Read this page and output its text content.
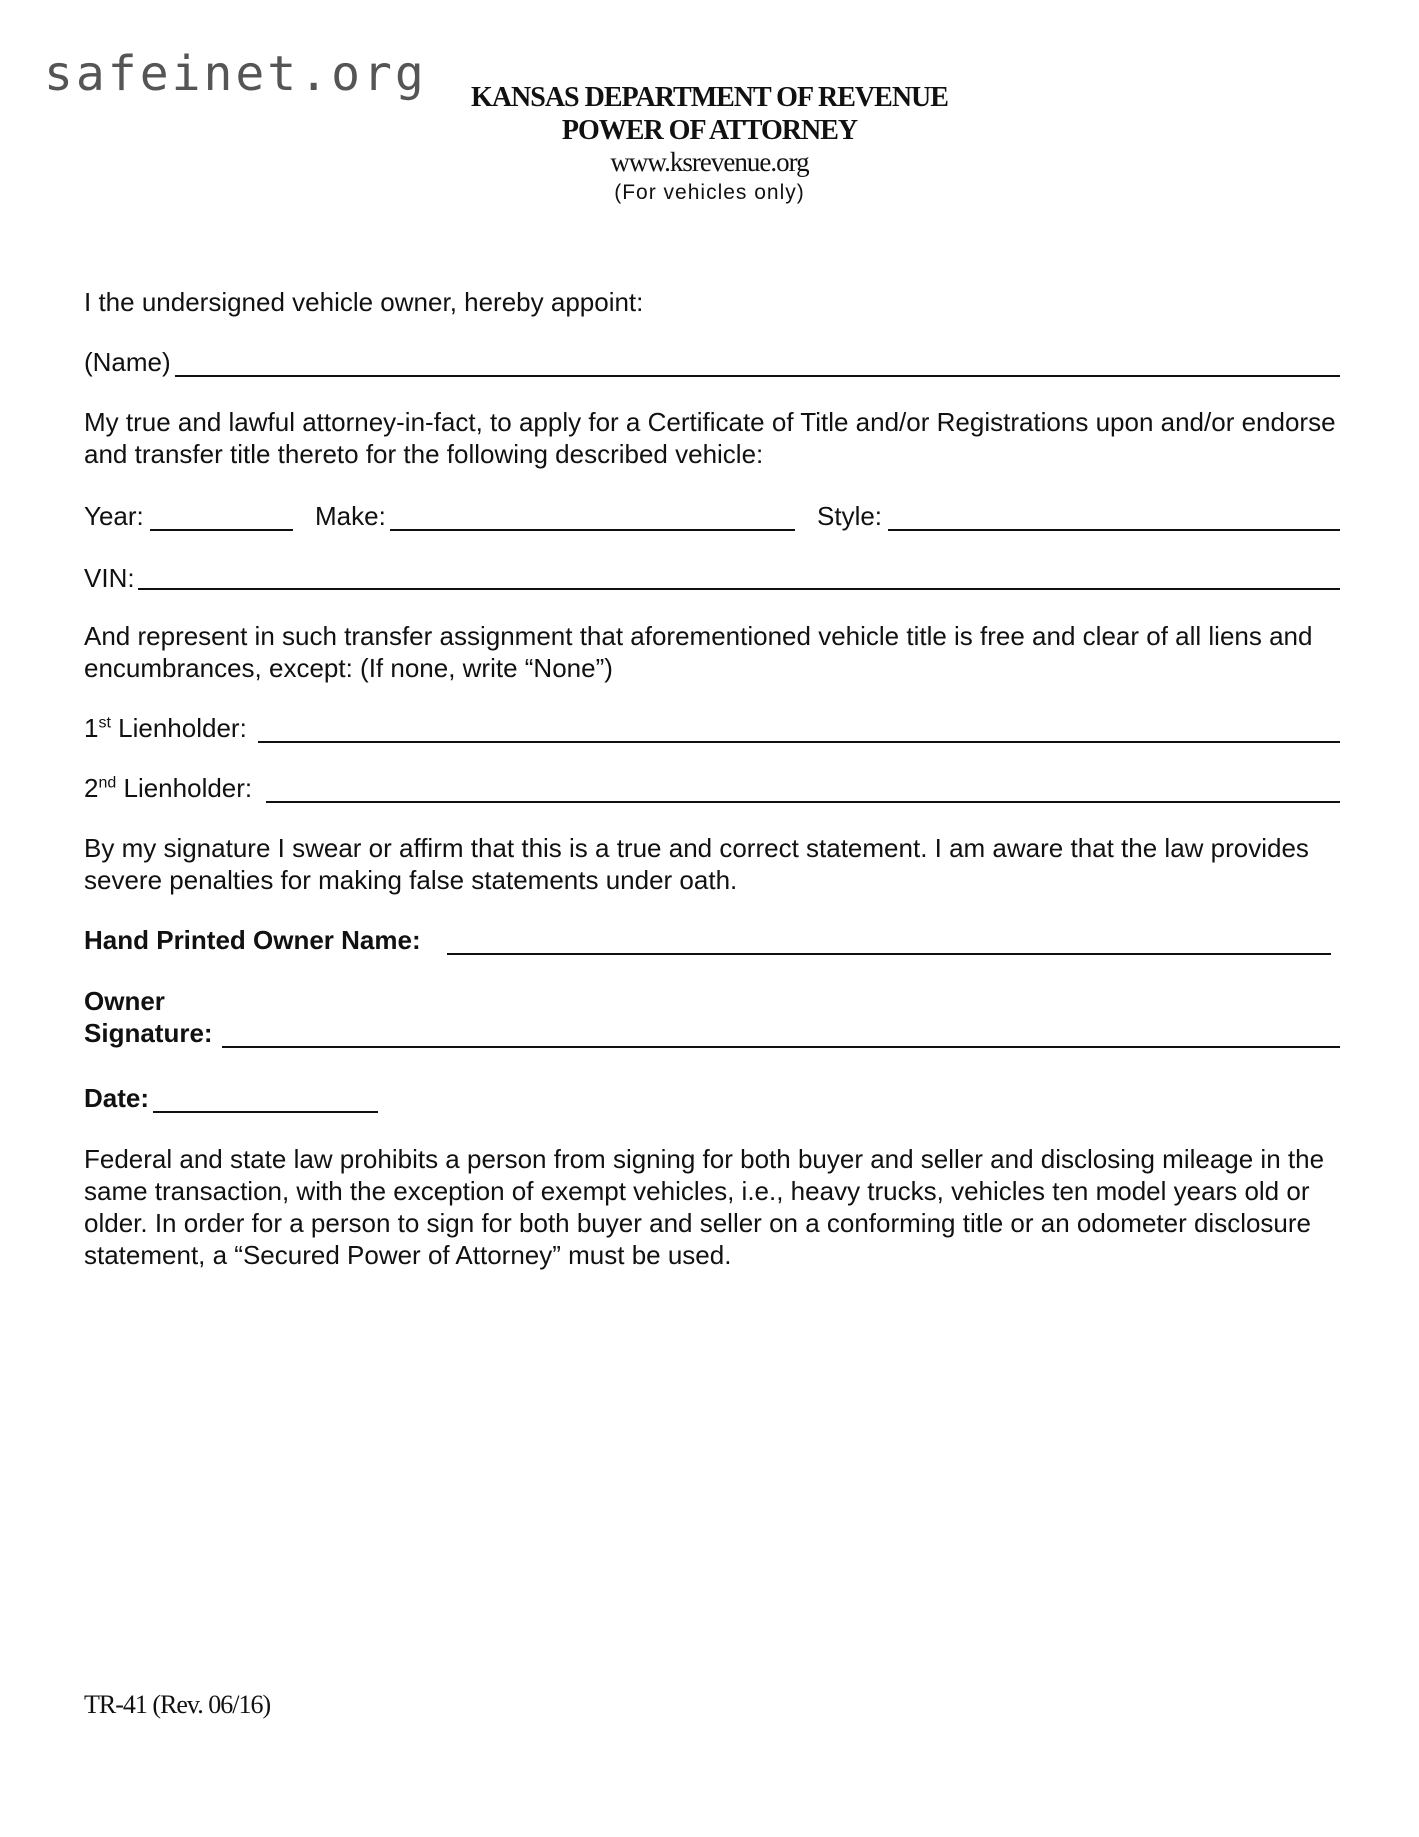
safeinet.org	KANSAS DEPARTMENT OF REVENUE
POWER OF ATTORNEY
www.ksrevenue.org
(For vehicles only)
I the undersigned vehicle owner, hereby appoint:
(Name)
My true and lawful attorney-in-fact, to apply for a Certificate of Title and/or Registrations upon and/or endorse and transfer title thereto for the following described vehicle:
Year:	Make:	Style:
VIN:
And represent in such transfer assignment that aforementioned vehicle title is free and clear of all liens and encumbrances, except: (If none, write “None”)
1st Lienholder:
2nd Lienholder:
By my signature I swear or affirm that this is a true and correct statement. I am aware that the law provides severe penalties for making false statements under oath.
Hand Printed Owner Name:
Owner
Signature:
Date:
Federal and state law prohibits a person from signing for both buyer and seller and disclosing mileage in the same transaction, with the exception of exempt vehicles, i.e., heavy trucks, vehicles ten model years old or older. In order for a person to sign for both buyer and seller on a conforming title or an odometer disclosure statement, a “Secured Power of Attorney” must be used.
TR-41 (Rev. 06/16)
